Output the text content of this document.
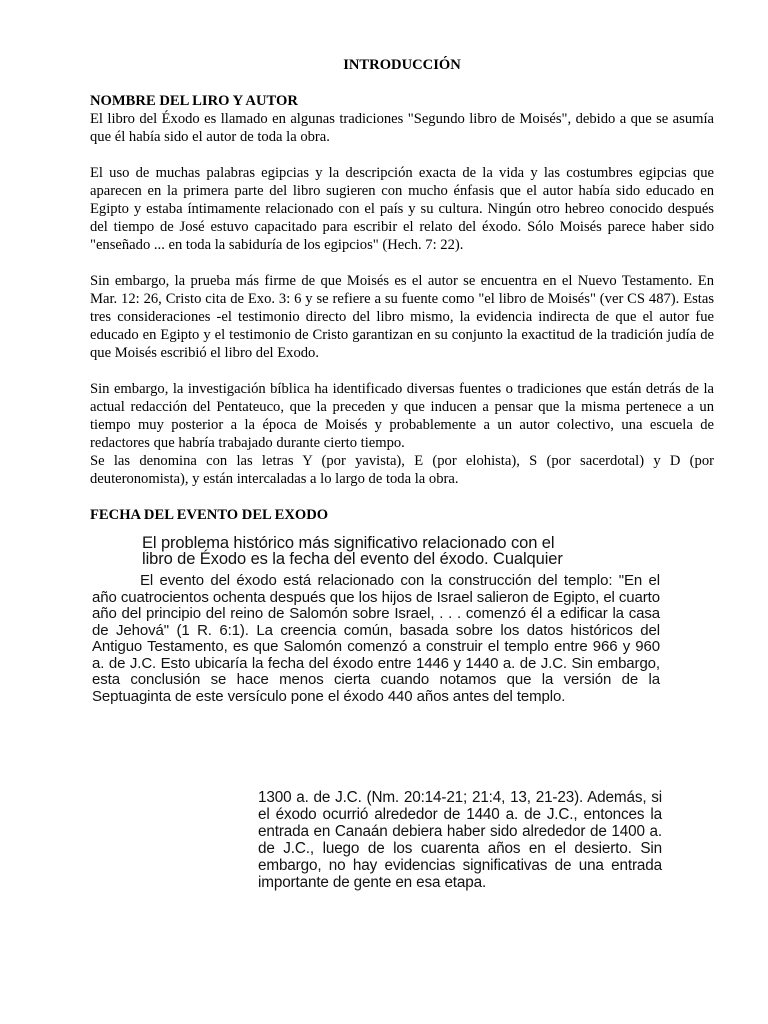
INTRODUCCIÓN
NOMBRE DEL LIRO Y AUTOR

El libro del Éxodo es llamado en algunas tradiciones "Segundo libro de Moisés", debido a que se asumía que él había sido el autor de toda la obra.

El uso de muchas palabras egipcias y la descripción exacta de la vida y las costumbres egipcias que aparecen en la primera parte del libro sugieren con mucho énfasis que el autor había sido educado en Egipto y estaba íntimamente relacionado con el país y su cultura. Ningún otro hebreo conocido después del tiempo de José estuvo capacitado para escribir el relato del éxodo. Sólo Moisés parece haber sido "enseñado ... en toda la sabiduría de los egipcios" (Hech. 7: 22).

Sin embargo, la prueba más firme de que Moisés es el autor se encuentra en el Nuevo Testamento. En Mar. 12: 26, Cristo cita de Exo. 3: 6 y se refiere a su fuente como "el libro de Moisés" (ver CS 487). Estas tres consideraciones -el testimonio directo del libro mismo, la evidencia indirecta de que el autor fue educado en Egipto y el testimonio de Cristo garantizan en su conjunto la exactitud de la tradición judía de que Moisés escribió el libro del Exodo.

Sin embargo, la investigación bíblica ha identificado diversas fuentes o tradiciones que están detrás de la actual redacción del Pentateuco, que la preceden y que inducen a pensar que la misma pertenece a un tiempo muy posterior a la época de Moisés y probablemente a un autor colectivo, una escuela de redactores que habría trabajado durante cierto tiempo.

Se las denomina con las letras Y (por yavista), E (por elohista), S (por sacerdotal) y D (por deuteronomista), y están intercaladas a lo largo de toda la obra.

FECHA DEL EVENTO DEL EXODO
El problema histórico más significativo relacionado con el
libro de Éxodo es la fecha del evento del éxodo. Cualquier
El evento del éxodo está relacionado con la construcción del templo: "En el año cuatrocientos ochenta después que los hijos de Israel salieron de Egipto, el cuarto año del principio del reino de Salomón sobre Israel, . . . comenzó él a edificar la casa de Jehová" (1 R. 6:1). La creencia común, basada sobre los datos históricos del Antiguo Testamento, es que Salomón comenzó a construir el templo entre 966 y 960 a. de J.C. Esto ubicaría la fecha del éxodo entre 1446 y 1440 a. de J.C. Sin embargo, esta conclusión se hace menos cierta cuando notamos que la versión de la Septuaginta de este versículo pone el éxodo 440 años antes del templo.
1300 a. de J.C. (Nm. 20:14-21; 21:4, 13, 21-23). Además, si el éxodo ocurrió alrededor de 1440 a. de J.C., entonces la entrada en Canaán debiera haber sido alrededor de 1400 a. de J.C., luego de los cuarenta años en el desierto. Sin embargo, no hay evidencias significativas de una entrada importante de gente en esa etapa.
